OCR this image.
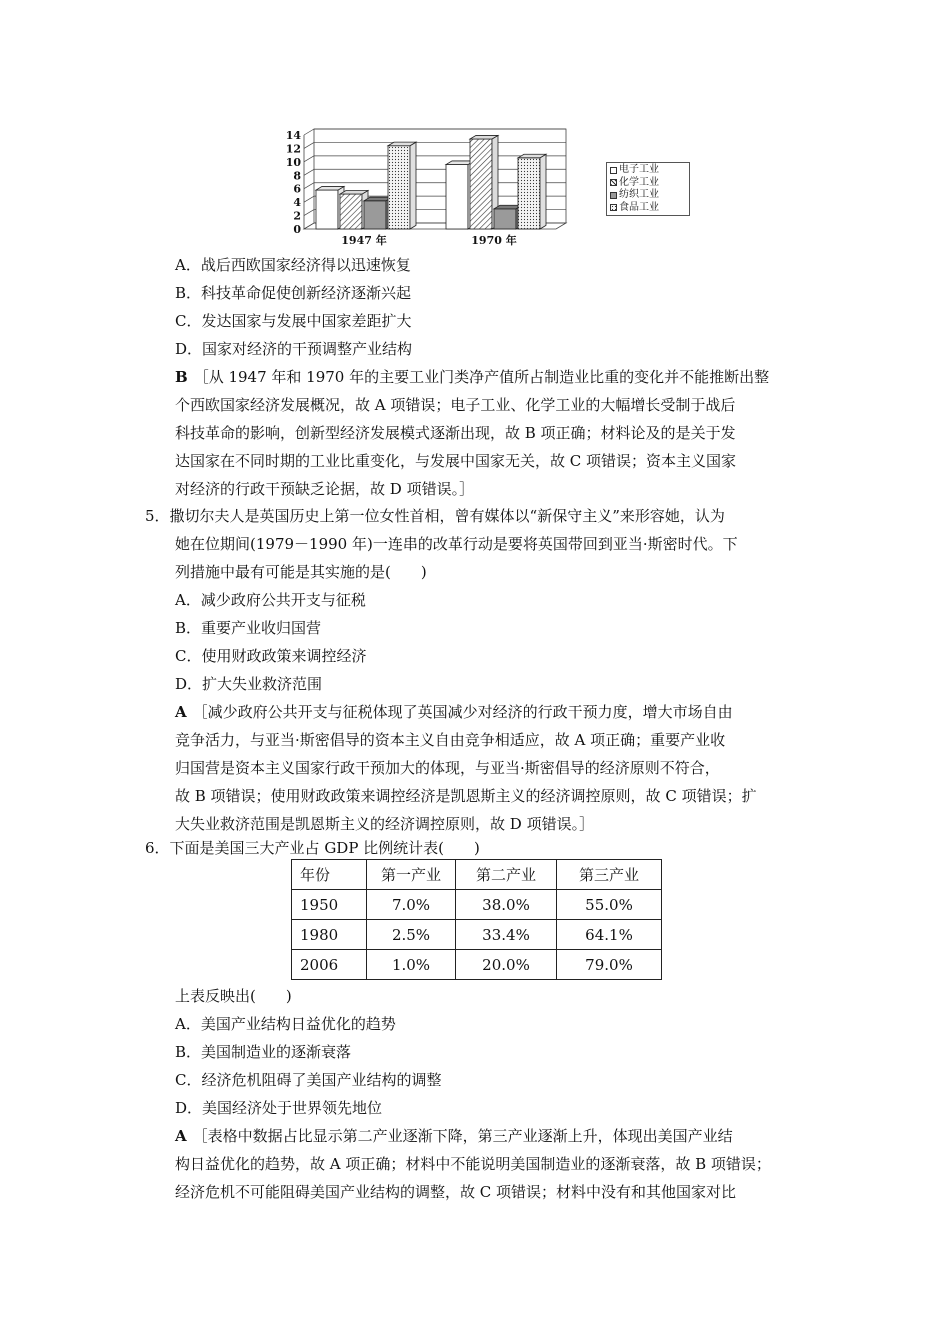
0
2
4
6
8
10
12
14
1947 年	1970 年
电子工业
化学工业
纺织工业
食品工业
A．战后西欧国家经济得以迅速恢复
B．科技革命促使创新经济逐渐兴起
C．发达国家与发展中国家差距扩大
D．国家对经济的干预调整产业结构
B ［从 1947 年和 1970 年的主要工业门类净产值所占制造业比重的变化并不能推断出整
个西欧国家经济发展概况，故 A 项错误；电子工业、化学工业的大幅增长受制于战后
科技革命的影响，创新型经济发展模式逐渐出现，故 B 项正确；材料论及的是关于发
达国家在不同时期的工业比重变化，与发展中国家无关，故 C 项错误；资本主义国家
对经济的行政干预缺乏论据，故 D 项错误。］
5．撒切尔夫人是英国历史上第一位女性首相，曾有媒体以“新保守主义”来形容她，认为
她在位期间(1979－1990 年)一连串的改革行动是要将英国带回到亚当·斯密时代。下
列措施中最有可能是其实施的是(　　)
A．减少政府公共开支与征税
B．重要产业收归国营
C．使用财政政策来调控经济
D．扩大失业救济范围
A ［减少政府公共开支与征税体现了英国减少对经济的行政干预力度，增大市场自由
竞争活力，与亚当·斯密倡导的资本主义自由竞争相适应，故 A 项正确；重要产业收
归国营是资本主义国家行政干预加大的体现，与亚当·斯密倡导的经济原则不符合，
故 B 项错误；使用财政政策来调控经济是凯恩斯主义的经济调控原则，故 C 项错误；扩
大失业救济范围是凯恩斯主义的经济调控原则，故 D 项错误。］
6．下面是美国三大产业占 GDP 比例统计表(　　)
年份	第一产业	第二产业	第三产业
1950	7.0%	38.0%	55.0%
1980	2.5%	33.4%	64.1%
2006	1.0%	20.0%	79.0%
上表反映出(　　)
A．美国产业结构日益优化的趋势
B．美国制造业的逐渐衰落
C．经济危机阻碍了美国产业结构的调整
D．美国经济处于世界领先地位
A ［表格中数据占比显示第二产业逐渐下降，第三产业逐渐上升，体现出美国产业结
构日益优化的趋势，故 A 项正确；材料中不能说明美国制造业的逐渐衰落，故 B 项错误；
经济危机不可能阻碍美国产业结构的调整，故 C 项错误；材料中没有和其他国家对比
